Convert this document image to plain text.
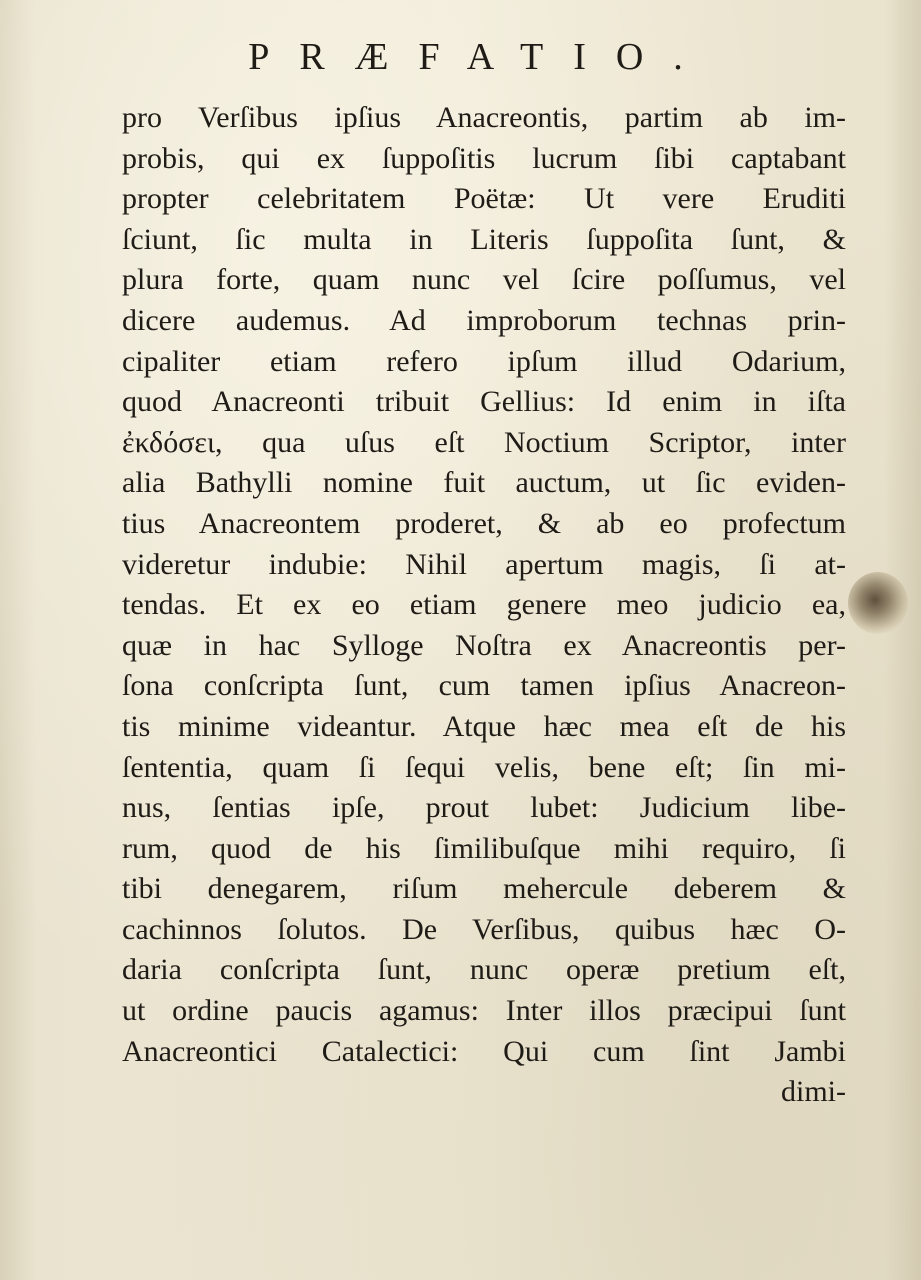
PRÆFATIO.
pro Verſibus ipſius Anacreontis, partim ab im-
probis, qui ex ſuppoſitis lucrum ſibi captabant
propter celebritatem Poëtæ: Ut vere Eruditi
ſciunt, ſic multa in Literis ſuppoſita ſunt, &
plura forte, quam nunc vel ſcire poſſumus, vel
dicere audemus. Ad improborum technas prin-
cipaliter etiam refero ipſum illud Odarium,
quod Anacreonti tribuit Gellius: Id enim in iſta
ἐκδόσει, qua uſus eſt Noctium Scriptor, inter
alia Bathylli nomine fuit auctum, ut ſic eviden-
tius Anacreontem proderet, & ab eo profectum
videretur indubie: Nihil apertum magis, ſi at-
tendas. Et ex eo etiam genere meo judicio ea,
quæ in hac Sylloge Noſtra ex Anacreontis per-
ſona conſcripta ſunt, cum tamen ipſius Anacreon-
tis minime videantur. Atque hæc mea eſt de his
ſententia, quam ſi ſequi velis, bene eſt; ſin mi-
nus, ſentias ipſe, prout lubet: Judicium libe-
rum, quod de his ſimilibuſque mihi requiro, ſi
tibi denegarem, riſum mehercule deberem &
cachinnos ſolutos. De Verſibus, quibus hæc O-
daria conſcripta ſunt, nunc operæ pretium eſt,
ut ordine paucis agamus: Inter illos præcipui ſunt
Anacreontici Catalectici: Qui cum ſint Jambi
dimi-
